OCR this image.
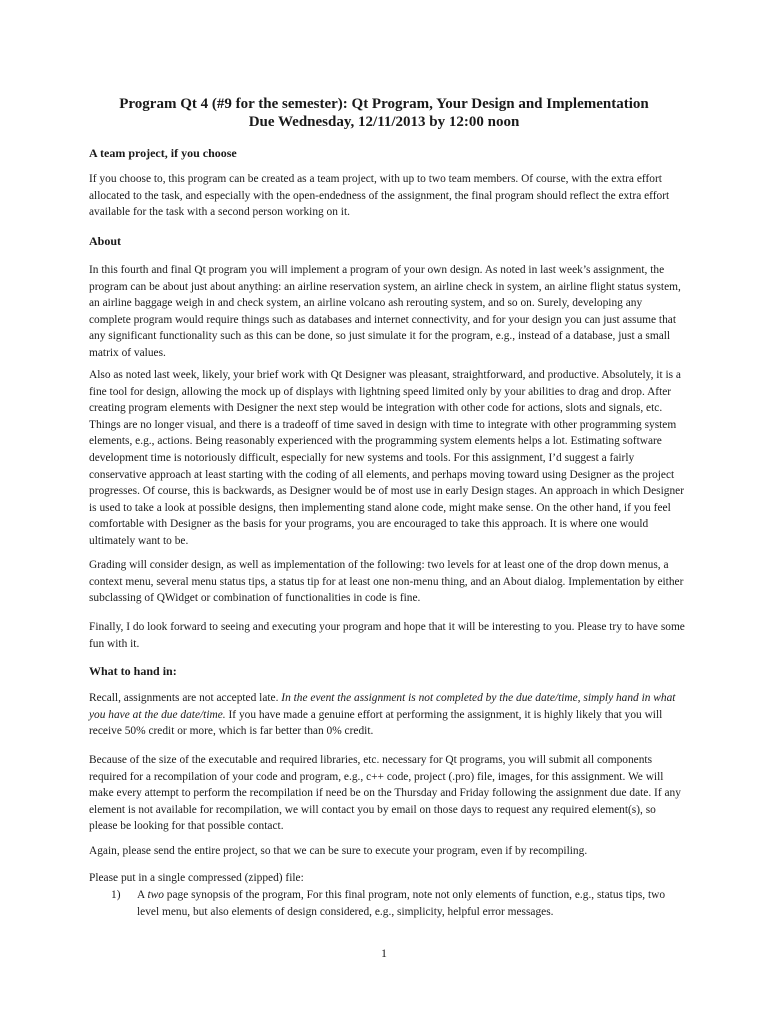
Program Qt 4 (#9 for the semester): Qt Program, Your Design and Implementation
Due Wednesday, 12/11/2013 by 12:00 noon

A team project, if you choose

If you choose to, this program can be created as a team project, with up to two team members. Of course, with the extra effort allocated to the task, and especially with the open-endedness of the assignment, the final program should reflect the extra effort available for the task with a second person working on it.

About

In this fourth and final Qt program you will implement a program of your own design. As noted in last week’s assignment, the program can be about just about anything: an airline reservation system, an airline check in system, an airline flight status system, an airline baggage weigh in and check system, an airline volcano ash rerouting system, and so on. Surely, developing any complete program would require things such as databases and internet connectivity, and for your design you can just assume that any significant functionality such as this can be done, so just simulate it for the program, e.g., instead of a database, just a small matrix of values.

Also as noted last week, likely, your brief work with Qt Designer was pleasant, straightforward, and productive. Absolutely, it is a fine tool for design, allowing the mock up of displays with lightning speed limited only by your abilities to drag and drop. After creating program elements with Designer the next step would be integration with other code for actions, slots and signals, etc. Things are no longer visual, and there is a tradeoff of time saved in design with time to integrate with other programming system elements, e.g., actions. Being reasonably experienced with the programming system elements helps a lot. Estimating software development time is notoriously difficult, especially for new systems and tools. For this assignment, I’d suggest a fairly conservative approach at least starting with the coding of all elements, and perhaps moving toward using Designer as the project progresses. Of course, this is backwards, as Designer would be of most use in early Design stages. An approach in which Designer is used to take a look at possible designs, then implementing stand alone code, might make sense. On the other hand, if you feel comfortable with Designer as the basis for your programs, you are encouraged to take this approach. It is where one would ultimately want to be.

Grading will consider design, as well as implementation of the following: two levels for at least one of the drop down menus, a context menu, several menu status tips, a status tip for at least one non-menu thing, and an About dialog. Implementation by either subclassing of QWidget or combination of functionalities in code is fine.

Finally, I do look forward to seeing and executing your program and hope that it will be interesting to you. Please try to have some fun with it.

What to hand in:

Recall, assignments are not accepted late. In the event the assignment is not completed by the due date/time, simply hand in what you have at the due date/time. If you have made a genuine effort at performing the assignment, it is highly likely that you will receive 50% credit or more, which is far better than 0% credit.

Because of the size of the executable and required libraries, etc. necessary for Qt programs, you will submit all components required for a recompilation of your code and program, e.g., c++ code, project (.pro) file, images, for this assignment. We will make every attempt to perform the recompilation if need be on the Thursday and Friday following the assignment due date. If any element is not available for recompilation, we will contact you by email on those days to request any required element(s), so please be looking for that possible contact.

Again, please send the entire project, so that we can be sure to execute your program, even if by recompiling.

Please put in a single compressed (zipped) file:

1) A two page synopsis of the program, For this final program, note not only elements of function, e.g., status tips, two level menu, but also elements of design considered, e.g., simplicity, helpful error messages.
1
